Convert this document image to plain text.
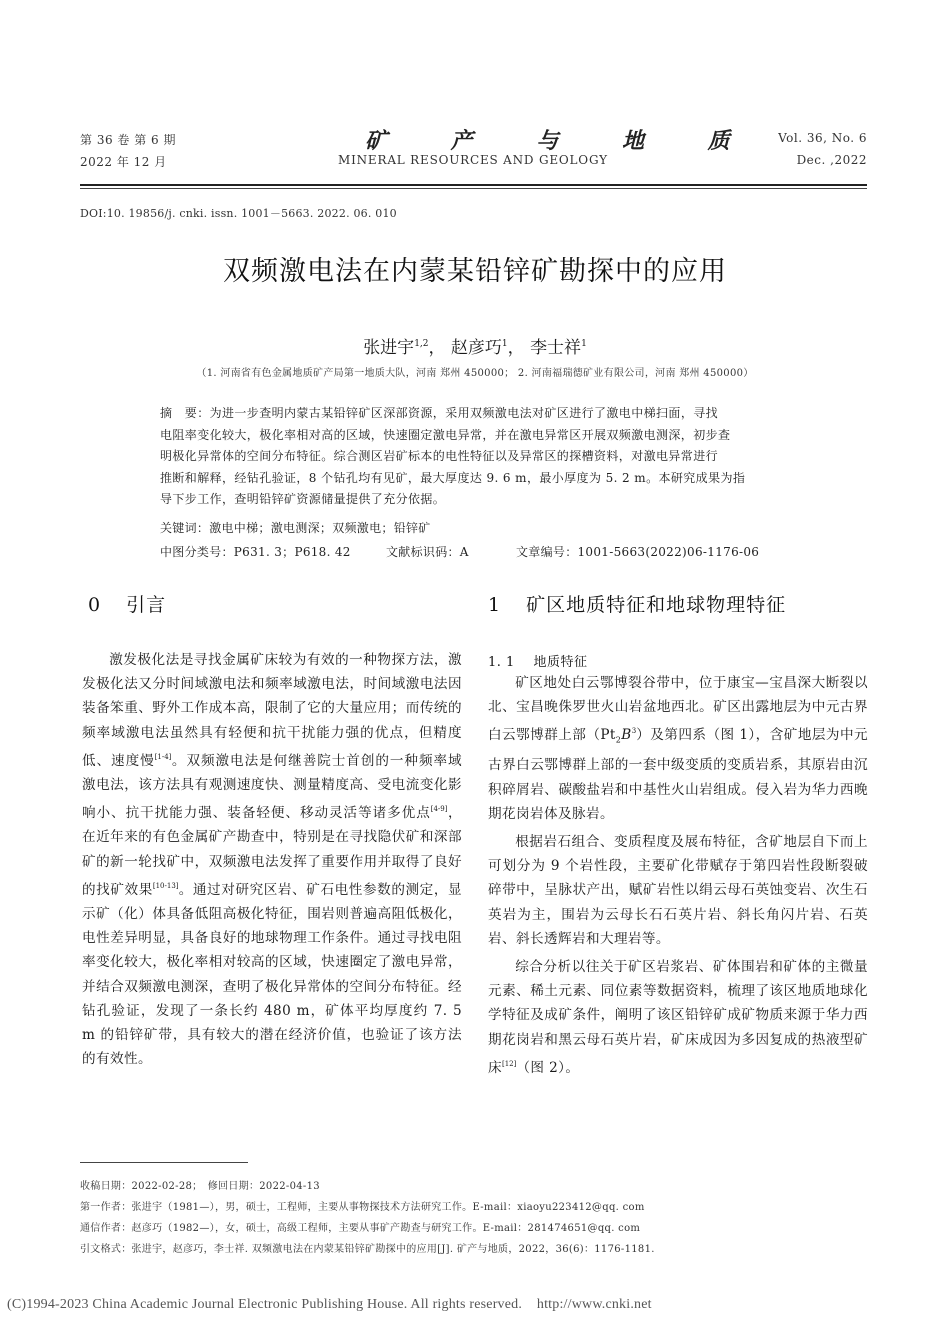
第 36 卷 第 6 期
2022 年 12 月
矿 产 与 地 质
MINERAL RESOURCES AND GEOLOGY
Vol. 36, No. 6
Dec. ,2022
DOI:10. 19856/j. cnki. issn. 1001－5663. 2022. 06. 010
双频激电法在内蒙某铅锌矿勘探中的应用
张进宇$^{1,2}$， 赵彦巧$^1$， 李士祥$^1$
（1. 河南省有色金属地质矿产局第一地质大队，河南 郑州 450000； 2. 河南福瑞德矿业有限公司，河南 郑州 450000）
摘　要：为进一步查明内蒙古某铅锌矿区深部资源，采用双频激电法对矿区进行了激电中梯扫面，寻找
电阻率变化较大，极化率相对高的区域，快速圈定激电异常，并在激电异常区开展双频激电测深，初步查
明极化异常体的空间分布特征。综合测区岩矿标本的电性特征以及异常区的探槽资料，对激电异常进行
推断和解释，经钻孔验证，8 个钻孔均有见矿，最大厚度达 9. 6 m，最小厚度为 5. 2 m。本研究成果为指
导下步工作，查明铅锌矿资源储量提供了充分依据。
关键词：激电中梯；激电测深；双频激电；铅锌矿
中图分类号：P631. 3；P618. 42	文献标识码：A	文章编号：1001-5663(2022)06-1176-06
0 引言

激发极化法是寻找金属矿床较为有效的一种物探方法，激发极化法又分时间域激电法和频率域激电法，时间域激电法因装备笨重、野外工作成本高，限制了它的大量应用；而传统的频率域激电法虽然具有轻便和抗干扰能力强的优点，但精度低、速度慢[1-4]。双频激电法是何继善院士首创的一种频率域激电法，该方法具有观测速度快、测量精度高、受电流变化影响小、抗干扰能力强、装备轻便、移动灵活等诸多优点[4-9]，在近年来的有色金属矿产勘查中，特别是在寻找隐伏矿和深部矿的新一轮找矿中，双频激电法发挥了重要作用并取得了良好的找矿效果[10-13]。通过对研究区岩、矿石电性参数的测定，显示矿（化）体具备低阻高极化特征，围岩则普遍高阻低极化，电性差异明显，具备良好的地球物理工作条件。通过寻找电阻率变化较大，极化率相对较高的区域，快速圈定了激电异常，并结合双频激电测深，查明了极化异常体的空间分布特征。经钻孔验证，发现了一条长约 480 m，矿体平均厚度约 7. 5 m 的铅锌矿带，具有较大的潜在经济价值，也验证了该方法的有效性。

1 矿区地质特征和地球物理特征
1. 1 地质特征

矿区地处白云鄂博裂谷带中，位于康宝—宝昌深大断裂以北、宝昌晚侏罗世火山岩盆地西北。矿区出露地层为中元古界白云鄂博群上部$(Pt_2B^3)$及第四系（图 1），含矿地层为中元古界白云鄂博群上部的一套中级变质的变质岩系，其原岩由沉积碎屑岩、碳酸盐岩和中基性火山岩组成。侵入岩为华力西晚期花岗岩体及脉岩。

根据岩石组合、变质程度及展布特征，含矿地层自下而上可划分为 9 个岩性段，主要矿化带赋存于第四岩性段断裂破碎带中，呈脉状产出，赋矿岩性以绢云母石英蚀变岩、次生石英岩为主，围岩为云母长石石英片岩、斜长角闪片岩、石英岩、斜长透辉岩和大理岩等。

综合分析以往关于矿区岩浆岩、矿体围岩和矿体的主微量元素、稀土元素、同位素等数据资料，梳理了该区地质地球化学特征及成矿条件，阐明了该区铅锌矿成矿物质来源于华力西期花岗岩和黑云母石英片岩，矿床成因为多因复成的热液型矿床[12]（图 2）。

收稿日期：2022-02-28；　修回日期：2022-04-13
第一作者：张进宇（1981—），男，硕士，工程师，主要从事物探技术方法研究工作。E-mail：xiaoyu223412@qq. com
通信作者：赵彦巧（1982—），女，硕士，高级工程师，主要从事矿产勘查与研究工作。E-mail：281474651@qq. com
引文格式：张进宇，赵彦巧，李士祥. 双频激电法在内蒙某铅锌矿勘探中的应用[J]. 矿产与地质，2022，36(6)：1176-1181.
(C)1994-2023 China Academic Journal Electronic Publishing House. All rights reserved.    http://www.cnki.net
